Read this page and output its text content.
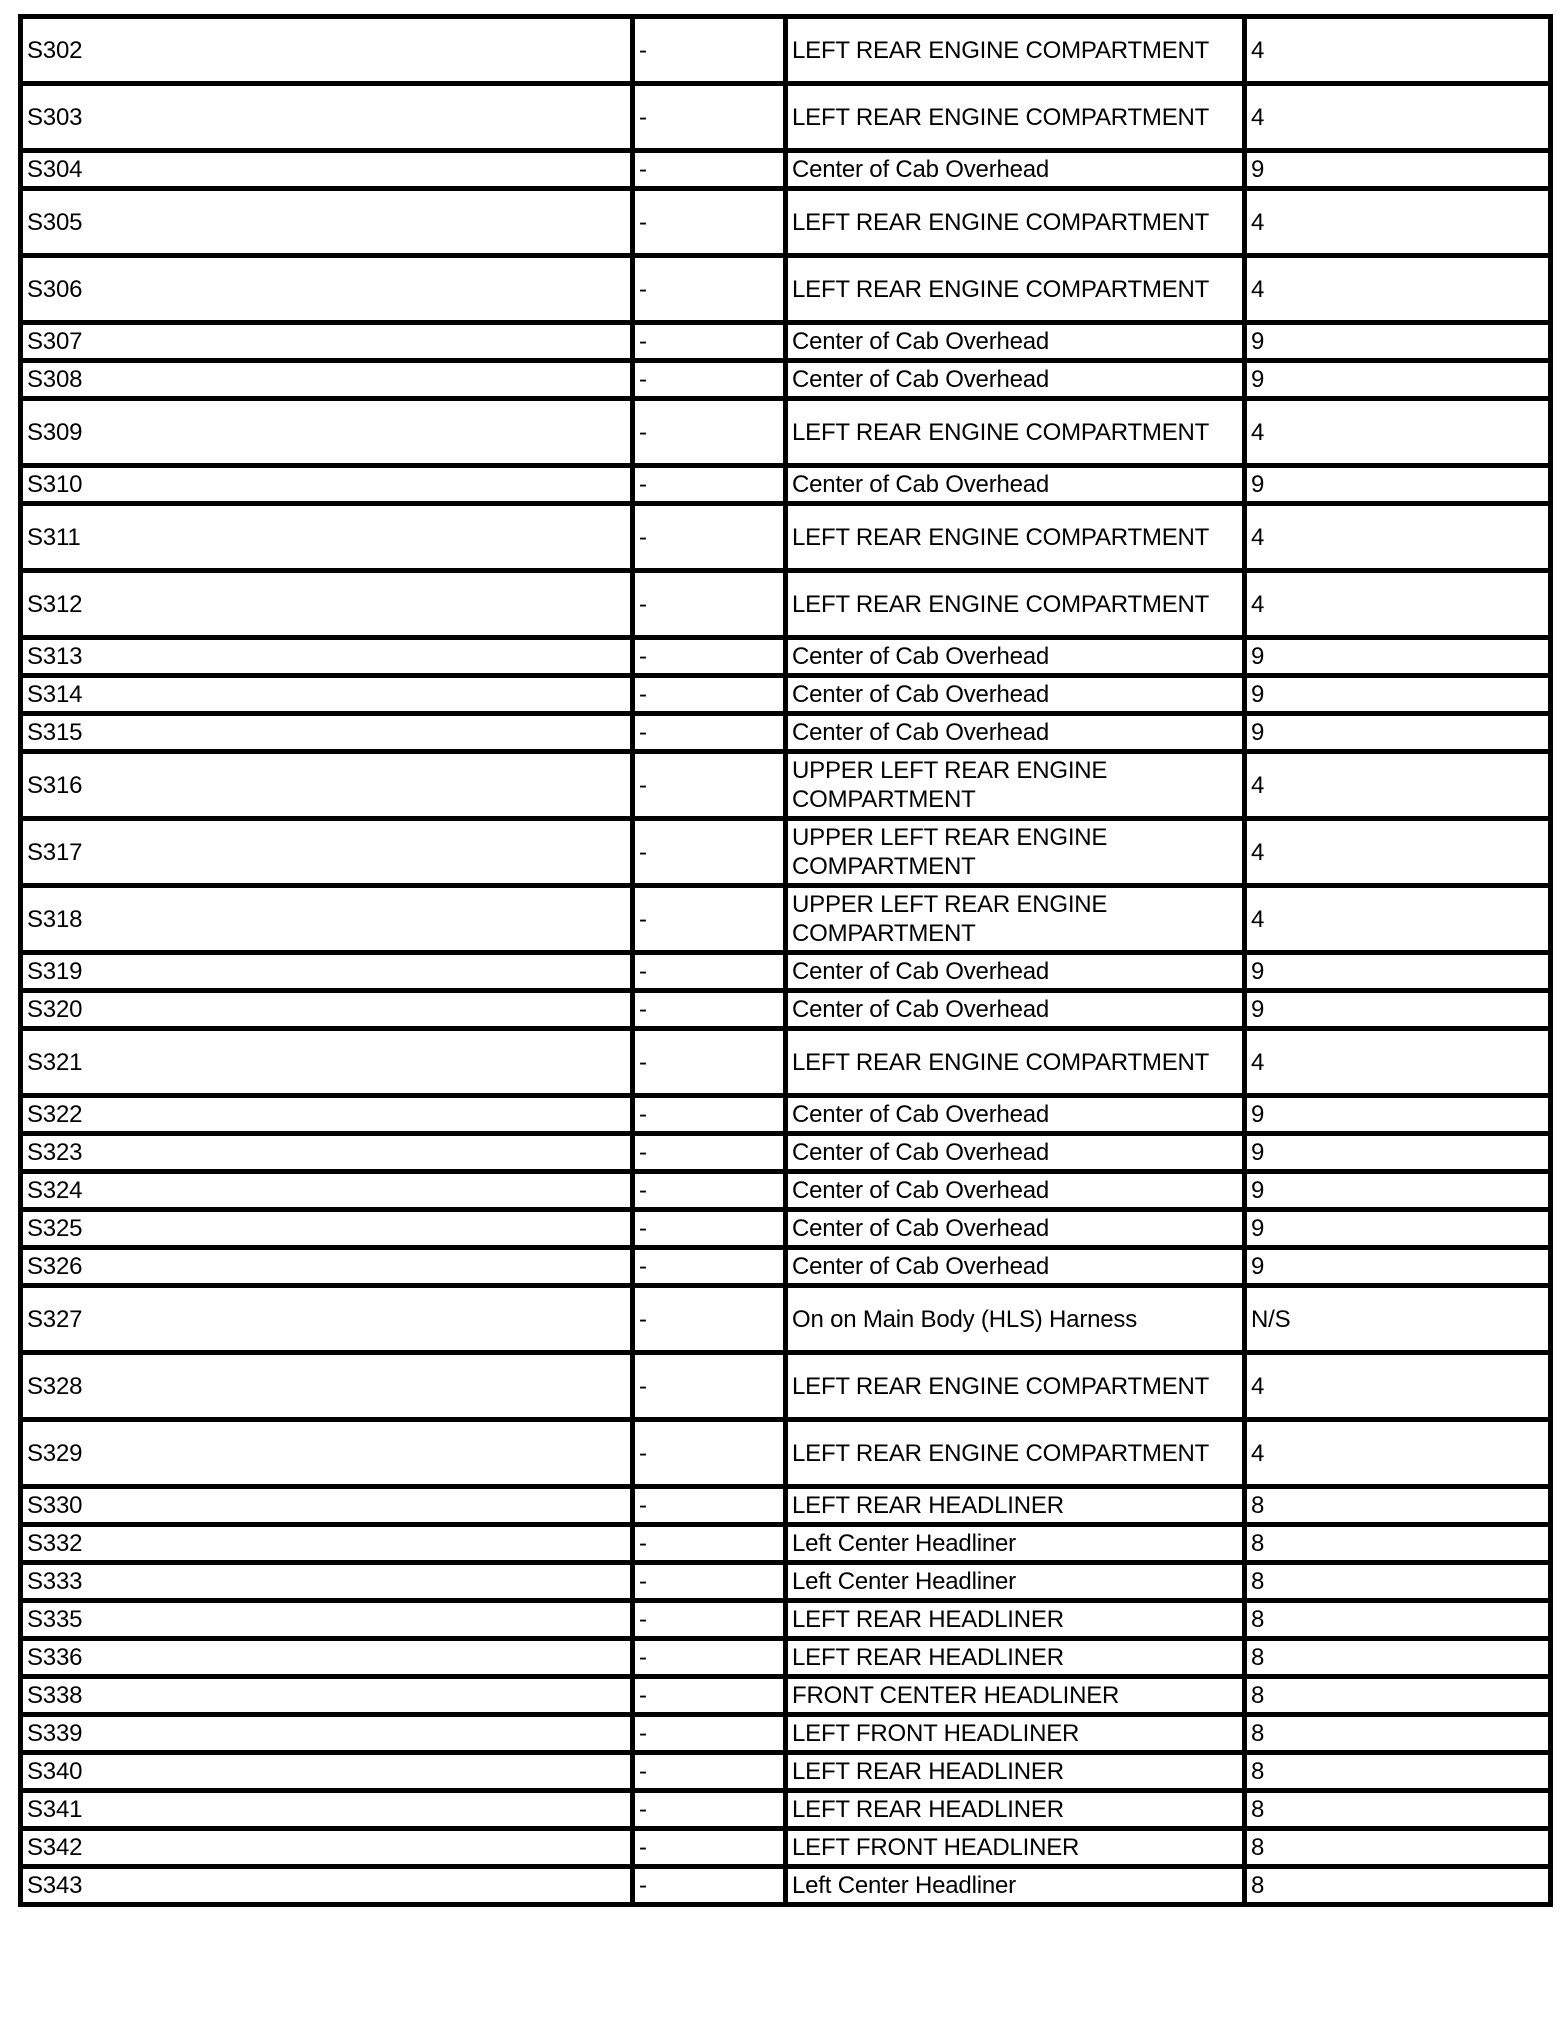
S302	-	LEFT REAR ENGINE COMPARTMENT	4
S303	-	LEFT REAR ENGINE COMPARTMENT	4
S304	-	Center of Cab Overhead	9
S305	-	LEFT REAR ENGINE COMPARTMENT	4
S306	-	LEFT REAR ENGINE COMPARTMENT	4
S307	-	Center of Cab Overhead	9
S308	-	Center of Cab Overhead	9
S309	-	LEFT REAR ENGINE COMPARTMENT	4
S310	-	Center of Cab Overhead	9
S311	-	LEFT REAR ENGINE COMPARTMENT	4
S312	-	LEFT REAR ENGINE COMPARTMENT	4
S313	-	Center of Cab Overhead	9
S314	-	Center of Cab Overhead	9
S315	-	Center of Cab Overhead	9
S316	-	UPPER LEFT REAR ENGINE COMPARTMENT	4
S317	-	UPPER LEFT REAR ENGINE COMPARTMENT	4
S318	-	UPPER LEFT REAR ENGINE COMPARTMENT	4
S319	-	Center of Cab Overhead	9
S320	-	Center of Cab Overhead	9
S321	-	LEFT REAR ENGINE COMPARTMENT	4
S322	-	Center of Cab Overhead	9
S323	-	Center of Cab Overhead	9
S324	-	Center of Cab Overhead	9
S325	-	Center of Cab Overhead	9
S326	-	Center of Cab Overhead	9
S327	-	On on Main Body (HLS) Harness	N/S
S328	-	LEFT REAR ENGINE COMPARTMENT	4
S329	-	LEFT REAR ENGINE COMPARTMENT	4
S330	-	LEFT REAR HEADLINER	8
S332	-	Left Center Headliner	8
S333	-	Left Center Headliner	8
S335	-	LEFT REAR HEADLINER	8
S336	-	LEFT REAR HEADLINER	8
S338	-	FRONT CENTER HEADLINER	8
S339	-	LEFT FRONT HEADLINER	8
S340	-	LEFT REAR HEADLINER	8
S341	-	LEFT REAR HEADLINER	8
S342	-	LEFT FRONT HEADLINER	8
S343	-	Left Center Headliner	8
